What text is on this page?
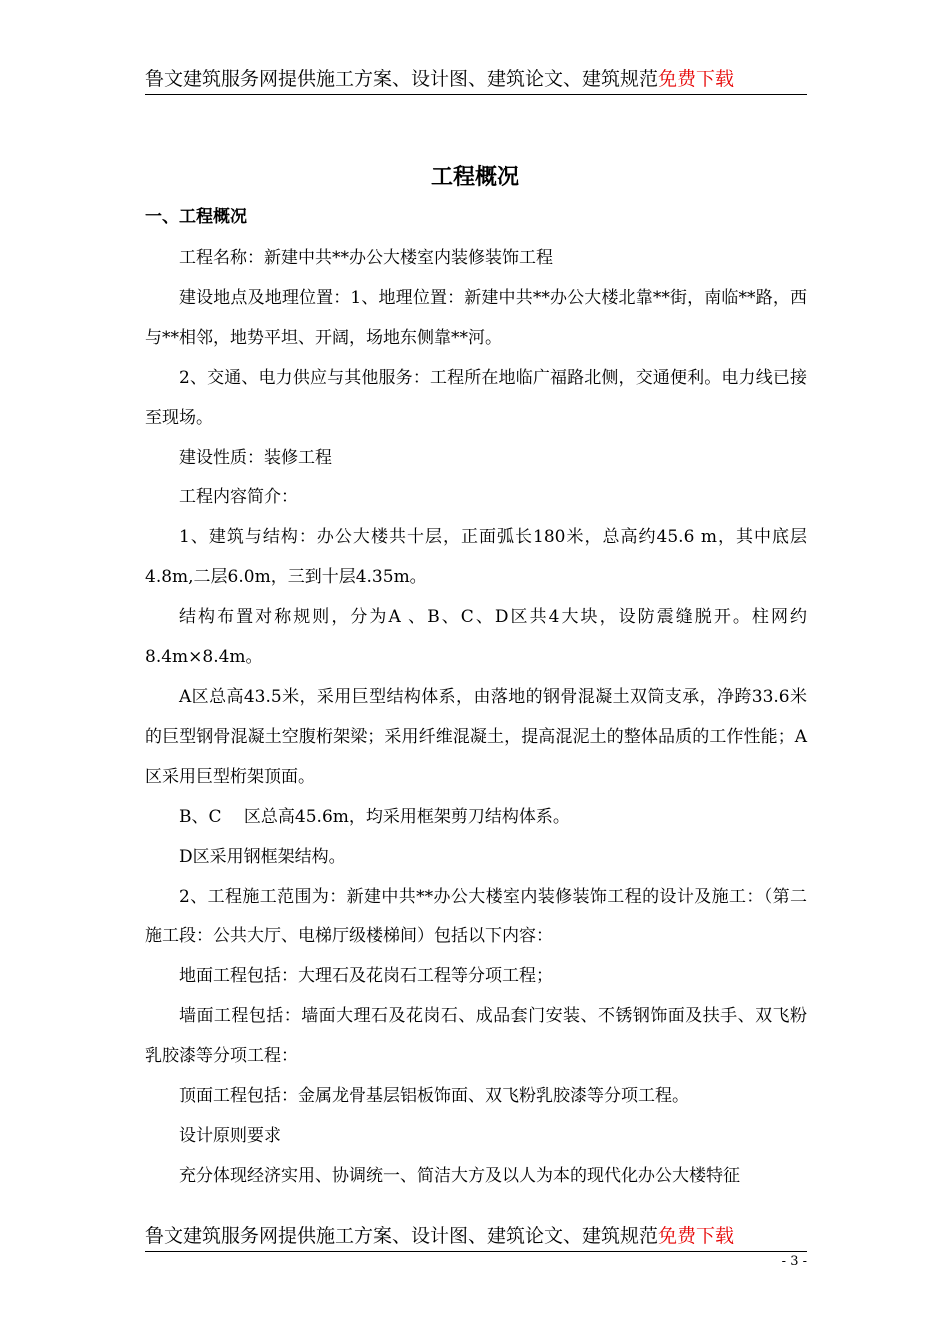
鲁文建筑服务网提供施工方案、设计图、建筑论文、建筑规范免费下载
工程概况
一、工程概况

工程名称：新建中共**办公大楼室内装修装饰工程

建设地点及地理位置：1、地理位置：新建中共**办公大楼北靠**街，南临**路，西与**相邻，地势平坦、开阔，场地东侧靠**河。

2、交通、电力供应与其他服务：工程所在地临广福路北侧，交通便利。电力线已接至现场。

建设性质：装修工程

工程内容简介：

1、建筑与结构：办公大楼共十层，正面弧长180米，总高约45.6 m，其中底层4.8m,二层6.0m，三到十层4.35m。

结构布置对称规则，分为A 、B、C、D区共4大块，设防震缝脱开。柱网约8.4m×8.4m。

A区总高43.5米，采用巨型结构体系，由落地的钢骨混凝土双筒支承，净跨33.6米的巨型钢骨混凝土空腹桁架梁；采用纤维混凝土，提高混泥土的整体品质的工作性能；A区采用巨型桁架顶面。

B、C 　区总高45.6m，均采用框架剪刀结构体系。

D区采用钢框架结构。

2、工程施工范围为：新建中共**办公大楼室内装修装饰工程的设计及施工：（第二施工段：公共大厅、电梯厅级楼梯间）包括以下内容：

地面工程包括：大理石及花岗石工程等分项工程；

墙面工程包括：墙面大理石及花岗石、成品套门安装、不锈钢饰面及扶手、双飞粉乳胶漆等分项工程：

顶面工程包括：金属龙骨基层铝板饰面、双飞粉乳胶漆等分项工程。

设计原则要求

充分体现经济实用、协调统一、简洁大方及以人为本的现代化办公大楼特征

鲁文建筑服务网提供施工方案、设计图、建筑论文、建筑规范免费下载
- 3 -
